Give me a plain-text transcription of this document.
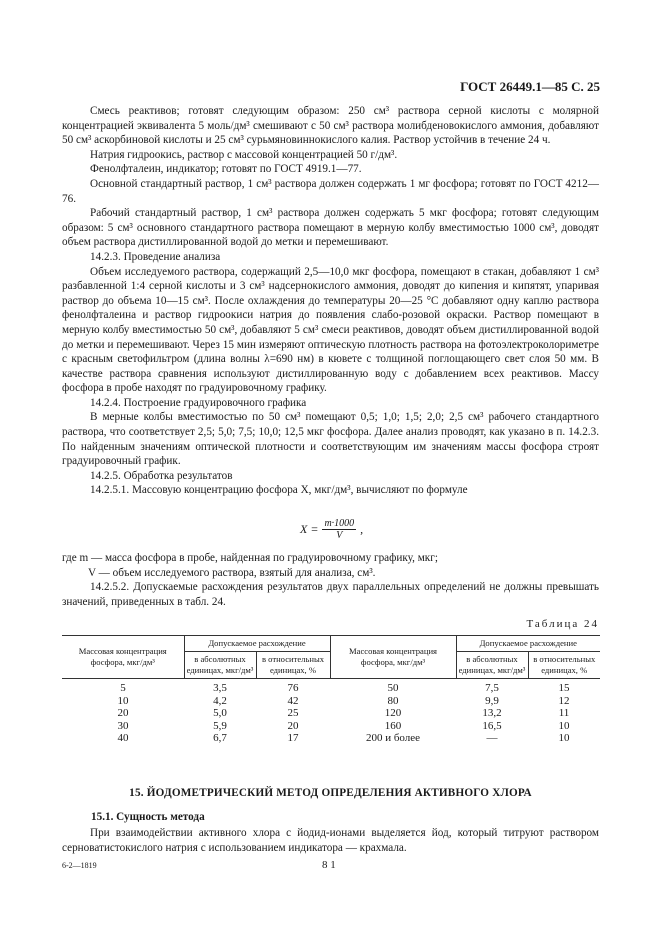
ГОСТ 26449.1—85 С. 25

Смесь реактивов; готовят следующим образом: 250 см³ раствора серной кислоты с молярной концентрацией эквивалента 5 моль/дм³ смешивают с 50 см³ раствора молибденовокислого аммония, добавляют 50 см³ аскорбиновой кислоты и 25 см³ сурьмяновиннокислого калия. Раствор устойчив в течение 24 ч.

Натрия гидроокись, раствор с массовой концентрацией 50 г/дм³.

Фенолфталеин, индикатор; готовят по ГОСТ 4919.1—77.

Основной стандартный раствор, 1 см³ раствора должен содержать 1 мг фосфора; готовят по ГОСТ 4212—76.

Рабочий стандартный раствор, 1 см³ раствора должен содержать 5 мкг фосфора; готовят следующим образом: 5 см³ основного стандартного раствора помещают в мерную колбу вместимостью 1000 см³, доводят объем раствора дистиллированной водой до метки и перемешивают.

14.2.3. Проведение анализа

Объем исследуемого раствора, содержащий 2,5—10,0 мкг фосфора, помещают в стакан, добавляют 1 см³ разбавленной 1:4 серной кислоты и 3 см³ надсернокислого аммония, доводят до кипения и кипятят, упаривая раствор до объема 10—15 см³. После охлаждения до температуры 20—25 °С добавляют одну каплю раствора фенолфталеина и раствор гидроокиси натрия до появления слабо-розовой окраски. Раствор помещают в мерную колбу вместимостью 50 см³, добавляют 5 см³ смеси реактивов, доводят объем дистиллированной водой до метки и перемешивают. Через 15 мин измеряют оптическую плотность раствора на фотоэлектроколориметре с красным светофильтром (длина волны λ=690 нм) в кювете с толщиной поглощающего свет слоя 50 мм. В качестве раствора сравнения используют дистиллированную воду с добавлением всех реактивов. Массу фосфора в пробе находят по градуировочному графику.

14.2.4. Построение градуировочного графика

В мерные колбы вместимостью по 50 см³ помещают 0,5; 1,0; 1,5; 2,0; 2,5 см³ рабочего стандартного раствора, что соответствует 2,5; 5,0; 7,5; 10,0; 12,5 мкг фосфора. Далее анализ проводят, как указано в п. 14.2.3. По найденным значениям оптической плотности и соответствующим им значениям массы фосфора строят градуировочный график.

14.2.5. Обработка результатов

14.2.5.1. Массовую концентрацию фосфора X, мкг/дм³, вычисляют по формуле

$X = \frac{m\cdot 1000}{V}$ ,
где m — масса фосфора в пробе, найденная по градуировочному графику, мкг;
V — объем исследуемого раствора, взятый для анализа, см³.

14.2.5.2. Допускаемые расхождения результатов двух параллельных определений не должны превышать значений, приведенных в табл. 24.

Таблица 24
Массовая концентрация фосфора, мкг/дм³	Допускаемое расхождение		Массовая концентрация фосфора, мкг/дм³	Допускаемое расхождение	
	в абсолютных единицах, мкг/дм³	в относительных единицах, %		в абсолютных единицах, мкг/дм³	в относительных единицах, %
5	3,5	76	50	7,5	15
10	4,2	42	80	9,9	12
20	5,0	25	120	13,2	11
30	5,9	20	160	16,5	10
40	6,7	17	200 и более	—	10
15. ЙОДОМЕТРИЧЕСКИЙ МЕТОД ОПРЕДЕЛЕНИЯ АКТИВНОГО ХЛОРА
15.1. Сущность метода

При взаимодействии активного хлора с йодид-ионами выделяется йод, который титруют раствором серноватистокислого натрия с использованием индикатора — крахмала.

6-2—1819	8 1
